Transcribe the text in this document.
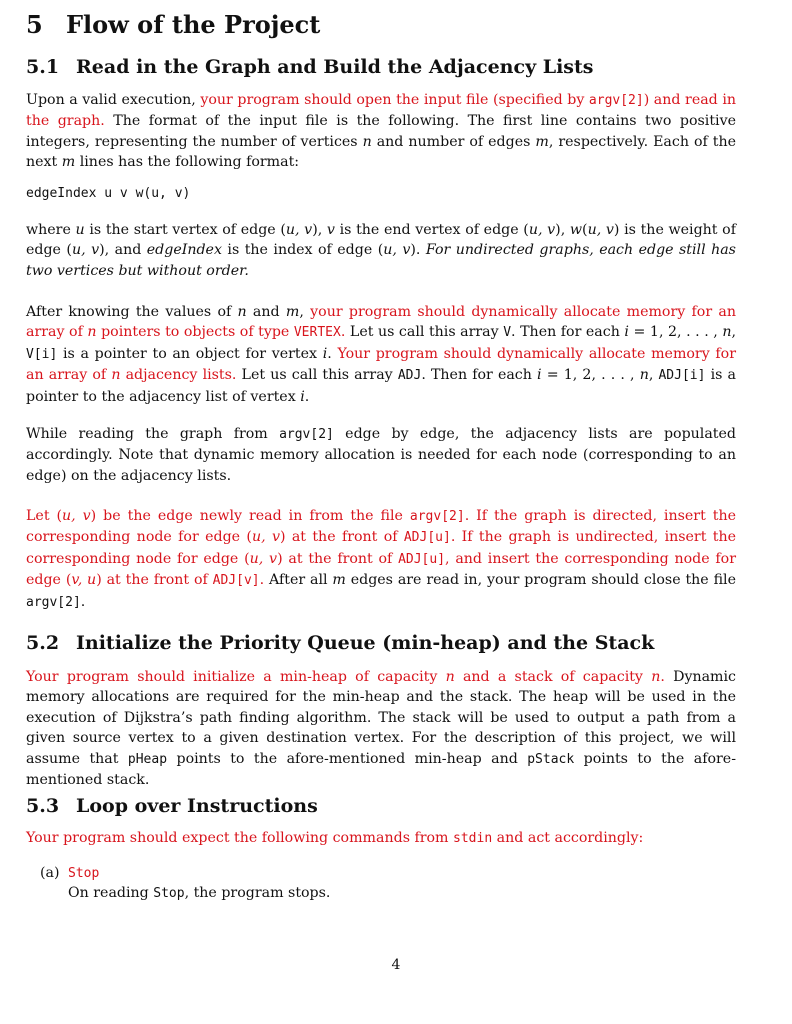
5 Flow of the Project
5.1 Read in the Graph and Build the Adjacency Lists
Upon a valid execution, your program should open the input file (specified by argv[2]) and read in the graph. The format of the input file is the following. The first line contains two positive integers, representing the number of vertices n and number of edges m, respectively. Each of the next m lines has the following format:
edgeIndex u v w(u, v)
where u is the start vertex of edge (u, v), v is the end vertex of edge (u, v), w(u, v) is the weight of edge (u, v), and edgeIndex is the index of edge (u, v). For undirected graphs, each edge still has two vertices but without order.
After knowing the values of n and m, your program should dynamically allocate memory for an array of n pointers to objects of type VERTEX. Let us call this array V. Then for each i = 1, 2, . . . , n, V[i] is a pointer to an object for vertex i. Your program should dynamically allocate memory for an array of n adjacency lists. Let us call this array ADJ. Then for each i = 1, 2, . . . , n, ADJ[i] is a pointer to the adjacency list of vertex i.
While reading the graph from argv[2] edge by edge, the adjacency lists are populated accordingly. Note that dynamic memory allocation is needed for each node (corresponding to an edge) on the adjacency lists.
Let (u, v) be the edge newly read in from the file argv[2]. If the graph is directed, insert the corresponding node for edge (u, v) at the front of ADJ[u]. If the graph is undirected, insert the corresponding node for edge (u, v) at the front of ADJ[u], and insert the corresponding node for edge (v, u) at the front of ADJ[v]. After all m edges are read in, your program should close the file argv[2].
5.2 Initialize the Priority Queue (min-heap) and the Stack
Your program should initialize a min-heap of capacity n and a stack of capacity n. Dynamic memory allocations are required for the min-heap and the stack. The heap will be used in the execution of Dijkstra’s path finding algorithm. The stack will be used to output a path from a given source vertex to a given destination vertex. For the description of this project, we will assume that pHeap points to the afore-mentioned min-heap and pStack points to the afore-mentioned stack.
5.3 Loop over Instructions
Your program should expect the following commands from stdin and act accordingly:
(a) Stop
On reading Stop, the program stops.
4
